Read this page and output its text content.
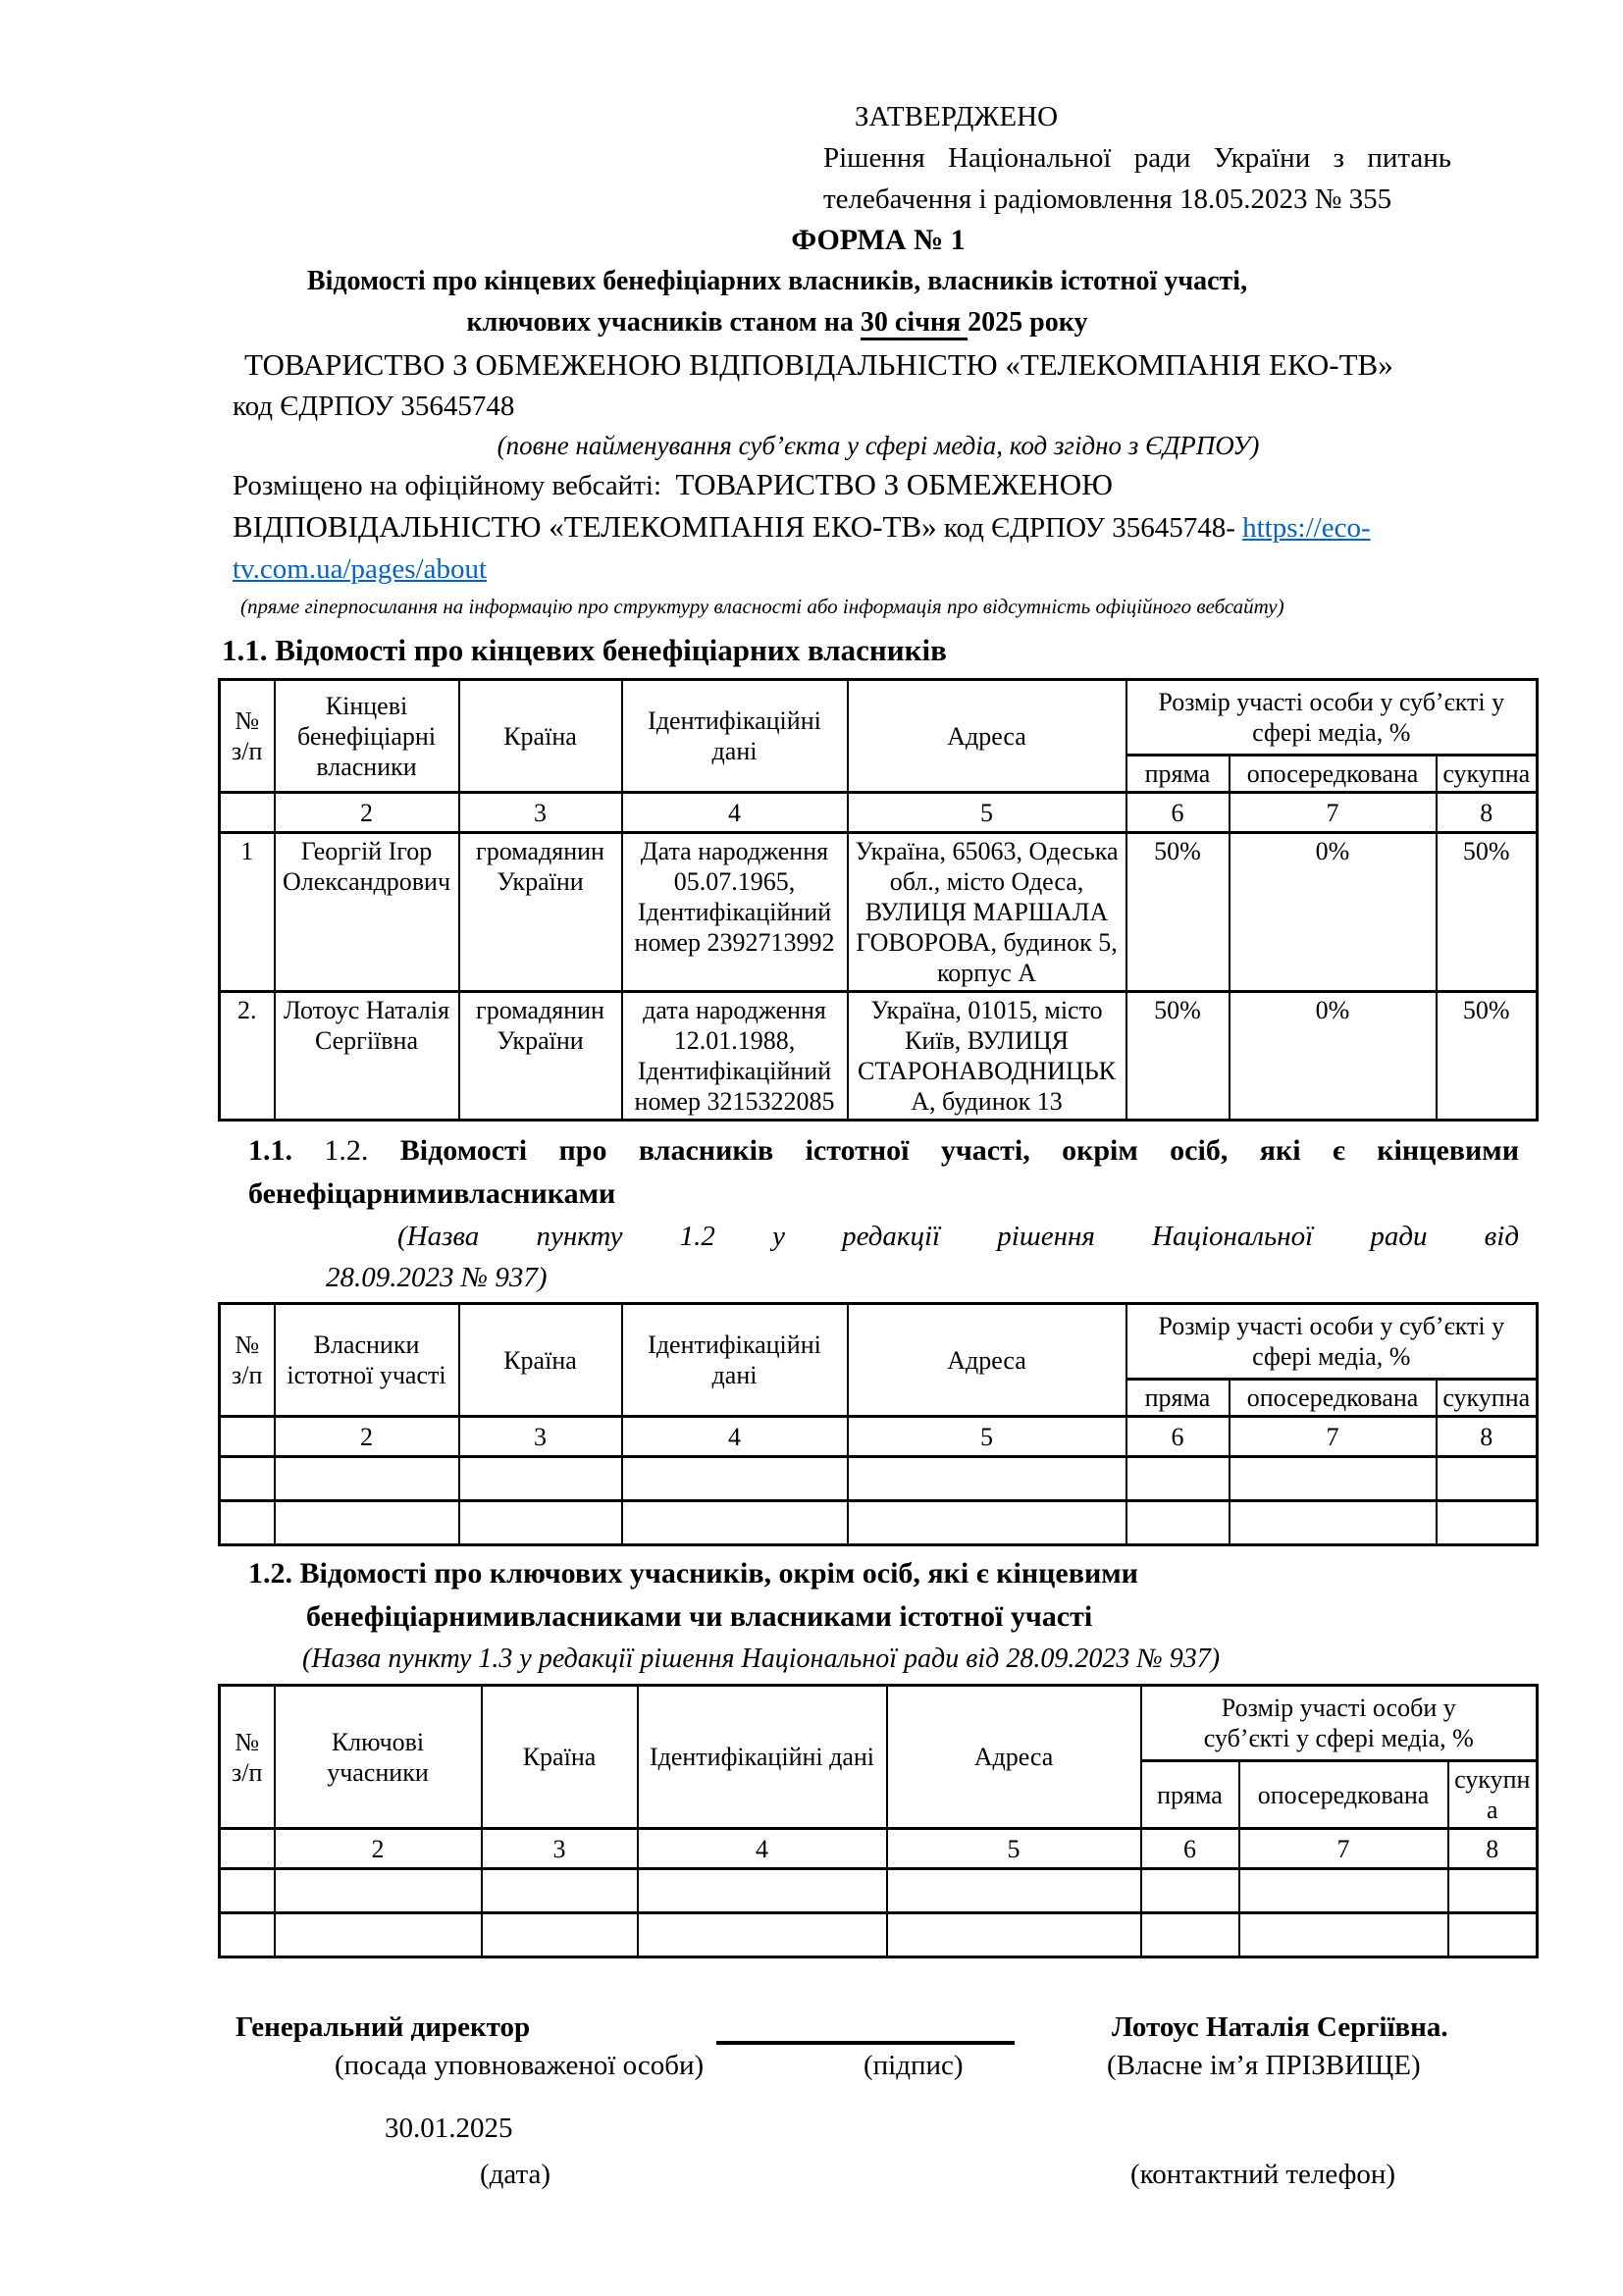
ЗАТВЕРДЖЕНО
Рішення Національної ради України з питань
телебачення і радіомовлення 18.05.2023 № 355
ФОРМА № 1
Відомості про кінцевих бенефіціарних власників, власників істотної участі,
ключових учасників станом на 30 січня 2025 року
ТОВАРИСТВО З ОБМЕЖЕНОЮ ВІДПОВІДАЛЬНІСТЮ «ТЕЛЕКОМПАНІЯ ЕКО-ТВ»
код ЄДРПОУ 35645748
(повне найменування суб’єкта у сфері медіа, код згідно з ЄДРПОУ)
Розміщено на офіційному вебсайті: ТОВАРИСТВО З ОБМЕЖЕНОЮ
ВІДПОВІДАЛЬНІСТЮ «ТЕЛЕКОМПАНІЯ ЕКО-ТВ» код ЄДРПОУ 35645748- https://eco-
tv.com.ua/pages/about
(пряме гіперпосилання на інформацію про структуру власності або інформація про відсутність офіційного вебсайту)
1.1. Відомості про кінцевих бенефіціарних власників
№
з/п	Кінцеві бенефіціарні власники	Країна	Ідентифікаційні дані	Адреса	Розмір участі особи у суб’єкті у сфері медіа, %		
					пряма	опосередкована	сукупна
	2	3	4	5	6	7	8
1	Георгій Ігор Олександрович	громадянин України	Дата народження 05.07.1965, Ідентифікаційний номер 2392713992	Україна, 65063, Одеська обл., місто Одеса, ВУЛИЦЯ МАРШАЛА ГОВОРОВА, будинок 5, корпус А	50%	0%	50%
2.	Лотоус Наталія Сергіївна	громадянин України	дата народження 12.01.1988, Ідентифікаційний номер 3215322085	Україна, 01015, місто Київ, ВУЛИЦЯ СТАРОНАВОДНИЦЬКА, будинок 13	50%	0%	50%
1.1. 1.2. Відомості про власників істотної участі, окрім осіб, які є кінцевими
бенефіцарнимивласниками
(Назва пункту 1.2 у редакції рішення Національної ради від
28.09.2023 № 937)
№
з/п	Власники істотної участі	Країна	Ідентифікаційні дані	Адреса	Розмір участі особи у суб’єкті у сфері медіа, %		
					пряма	опосередкована	сукупна
	2	3	4	5	6	7	8

1.2. Відомості про ключових учасників, окрім осіб, які є кінцевими
бенефіціарнимивласниками чи власниками істотної участі
(Назва пункту 1.3 у редакції рішення Національної ради від 28.09.2023 № 937)
№
з/п	Ключові учасники	Країна	Ідентифікаційні дані	Адреса	Розмір участі особи у суб’єкті у сфері медіа, %		
					пряма	опосередкована	сукупна
	2	3	4	5	6	7	8

Генеральний директор	Лотоус Наталія Сергіївна.
(посада уповноваженої особи)	(підпис)	(Власне ім’я ПРІЗВИЩЕ)
30.01.2025
(дата)	(контактний телефон)
